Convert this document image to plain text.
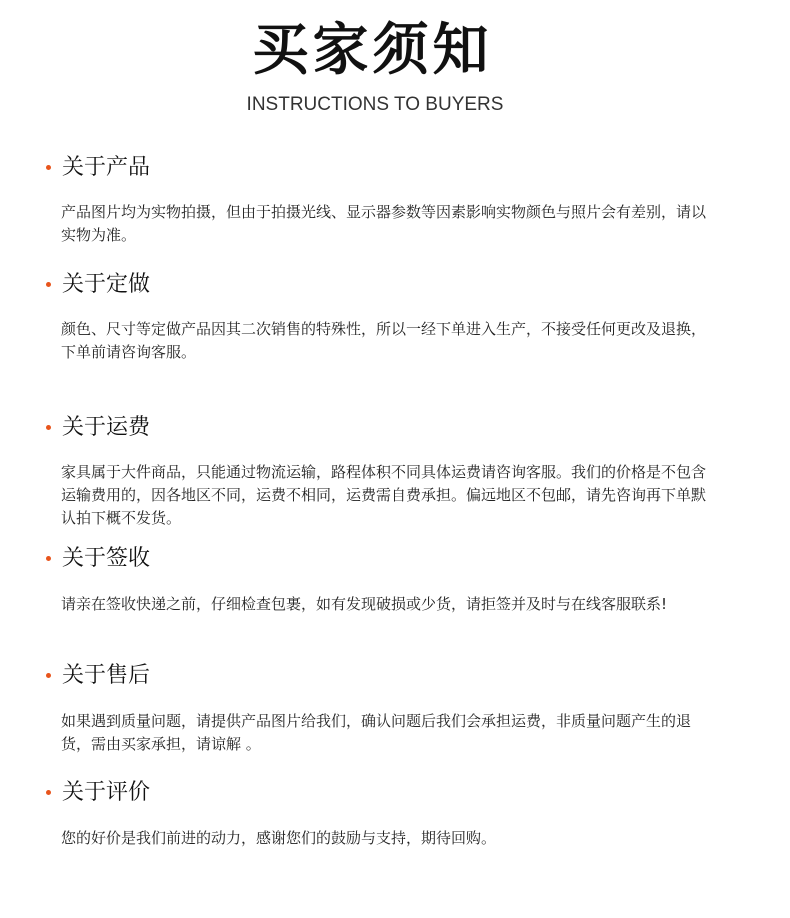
买家须知
INSTRUCTIONS TO BUYERS
关于产品

产品图片均为实物拍摄，但由于拍摄光线、显示器参数等因素影响实物颜色与照片会有差别，请以实物为准。

关于定做

颜色、尺寸等定做产品因其二次销售的特殊性，所以一经下单进入生产，不接受任何更改及退换，下单前请咨询客服。

关于运费

家具属于大件商品，只能通过物流运输，路程体积不同具体运费请咨询客服。我们的价格是不包含运输费用的，因各地区不同，运费不相同，运费需自费承担。偏远地区不包邮，请先咨询再下单默认拍下概不发货。

关于签收

请亲在签收快递之前，仔细检查包裹，如有发现破损或少货，请拒签并及时与在线客服联系!

关于售后

如果遇到质量问题，请提供产品图片给我们，确认问题后我们会承担运费，非质量问题产生的退货，需由买家承担，请谅解 。

关于评价

您的好价是我们前进的动力，感谢您们的鼓励与支持，期待回购。
